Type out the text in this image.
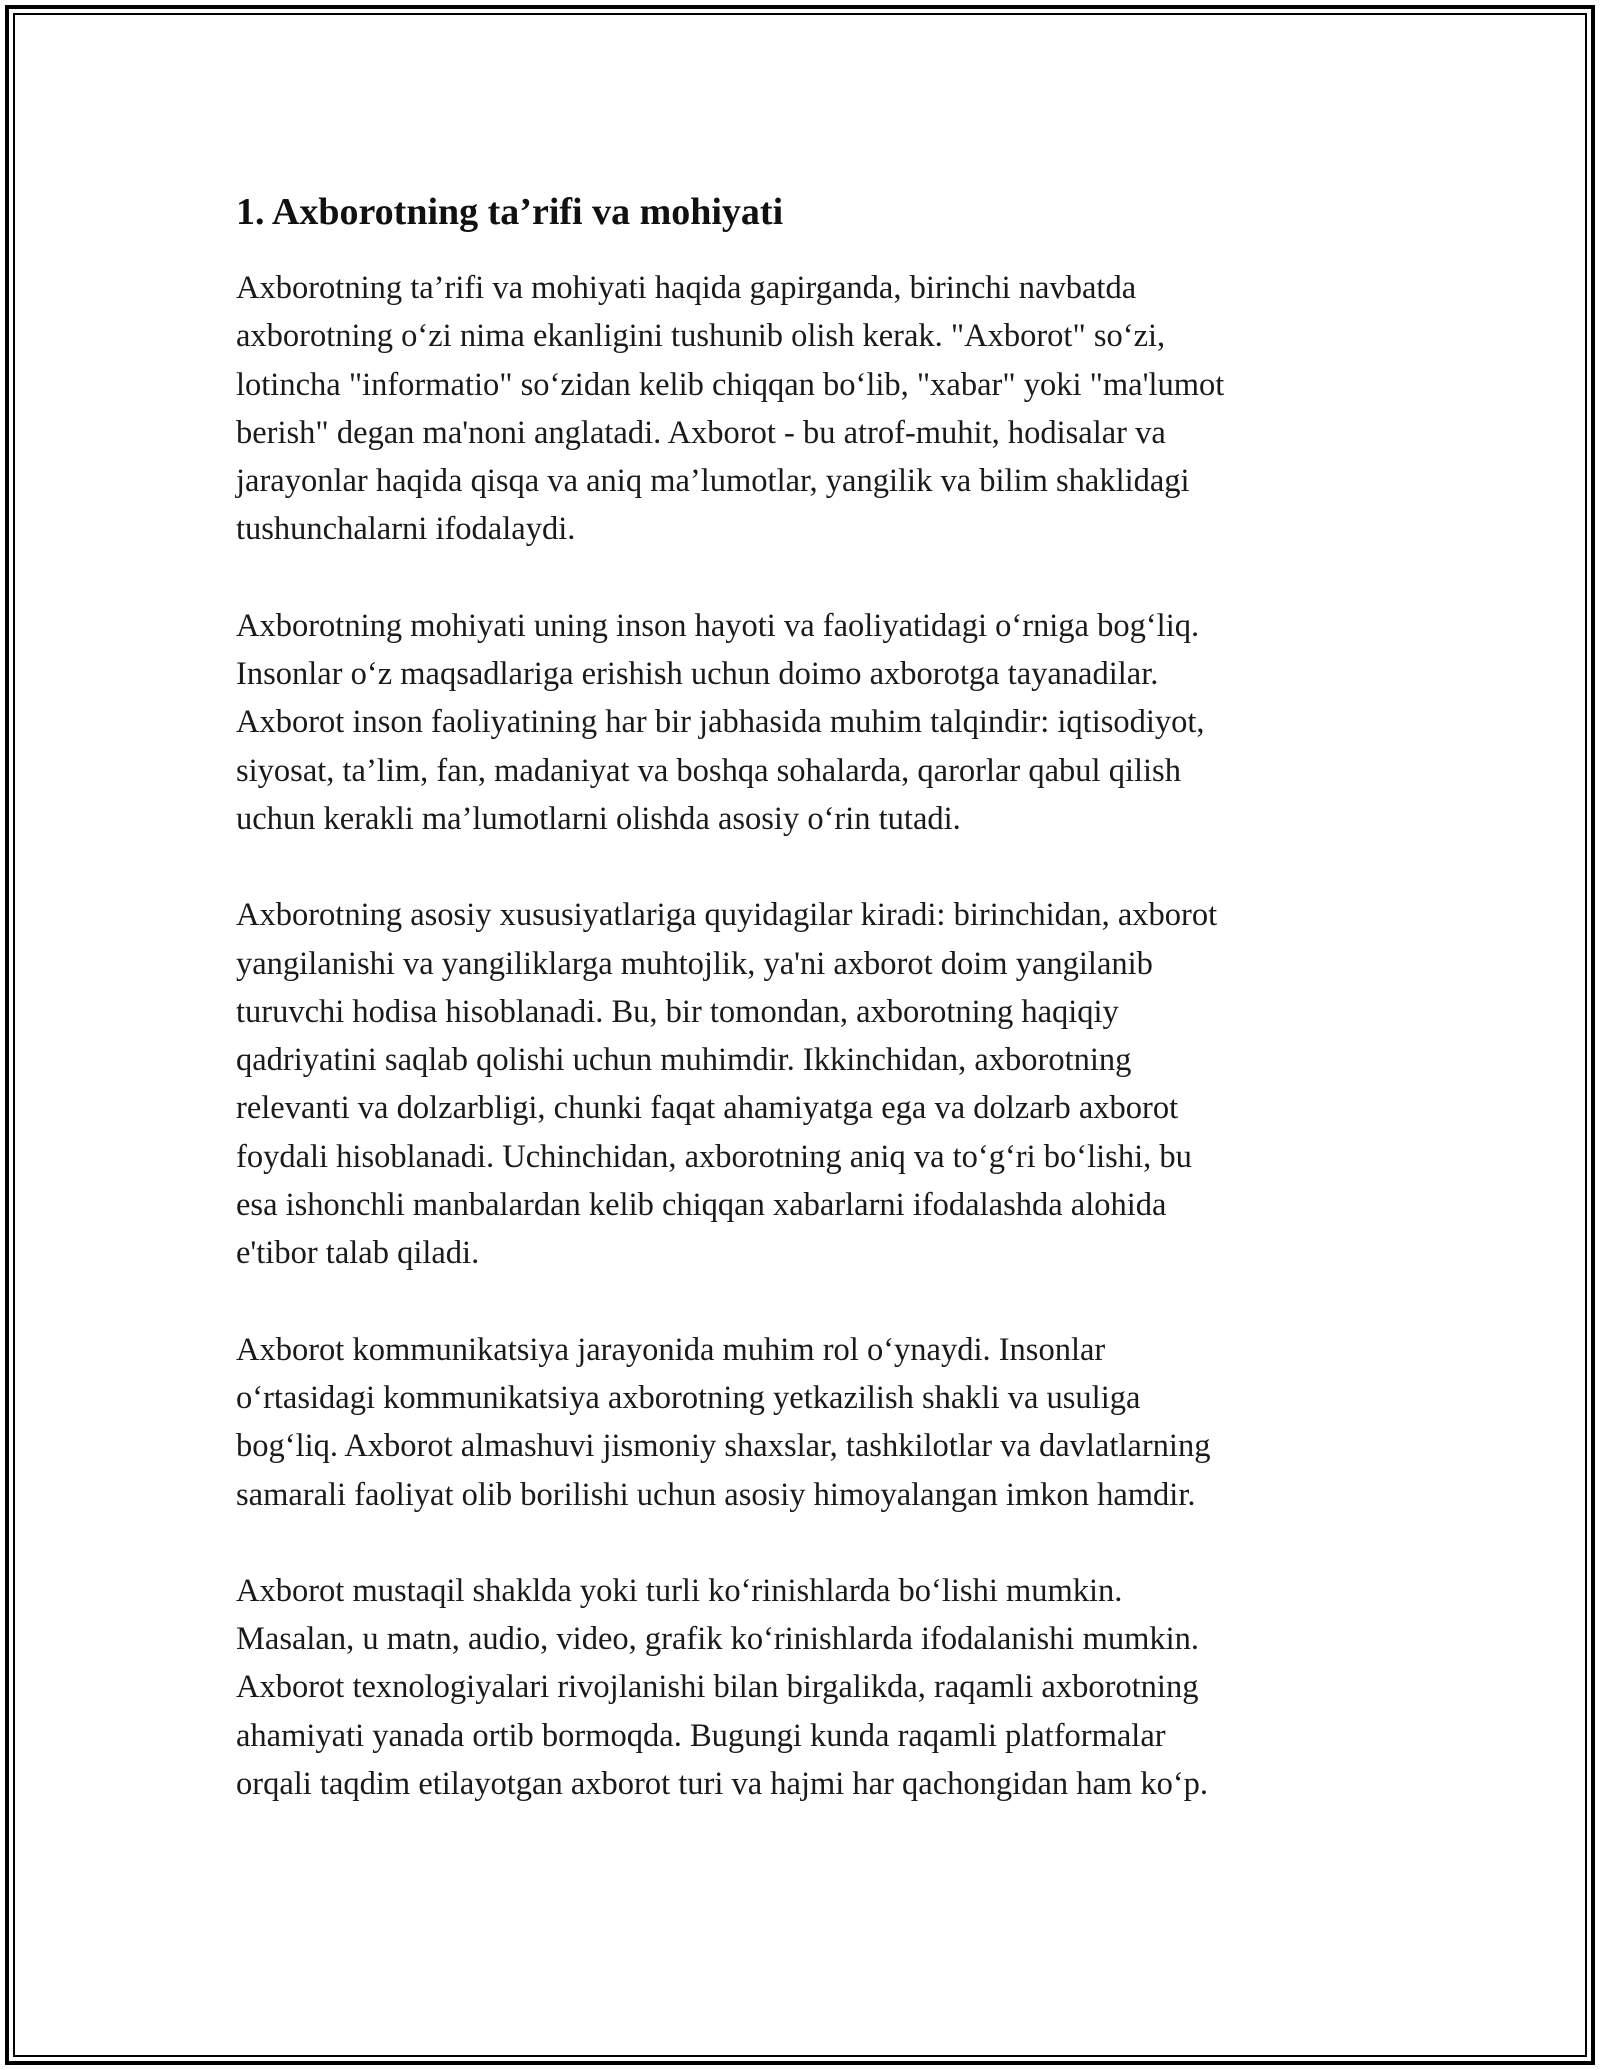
1. Axborotning ta’rifi va mohiyati

Axborotning ta’rifi va mohiyati haqida gapirganda, birinchi navbatda
axborotning o‘zi nima ekanligini tushunib olish kerak. "Axborot" so‘zi,
lotincha "informatio" so‘zidan kelib chiqqan bo‘lib, "xabar" yoki "ma'lumot
berish" degan ma'noni anglatadi. Axborot - bu atrof-muhit, hodisalar va
jarayonlar haqida qisqa va aniq ma’lumotlar, yangilik va bilim shaklidagi
tushunchalarni ifodalaydi.

Axborotning mohiyati uning inson hayoti va faoliyatidagi o‘rniga bog‘liq.
Insonlar o‘z maqsadlariga erishish uchun doimo axborotga tayanadilar.
Axborot inson faoliyatining har bir jabhasida muhim talqindir: iqtisodiyot,
siyosat, ta’lim, fan, madaniyat va boshqa sohalarda, qarorlar qabul qilish
uchun kerakli ma’lumotlarni olishda asosiy o‘rin tutadi.

Axborotning asosiy xususiyatlariga quyidagilar kiradi: birinchidan, axborot
yangilanishi va yangiliklarga muhtojlik, ya'ni axborot doim yangilanib
turuvchi hodisa hisoblanadi. Bu, bir tomondan, axborotning haqiqiy
qadriyatini saqlab qolishi uchun muhimdir. Ikkinchidan, axborotning
relevanti va dolzarbligi, chunki faqat ahamiyatga ega va dolzarb axborot
foydali hisoblanadi. Uchinchidan, axborotning aniq va to‘g‘ri bo‘lishi, bu
esa ishonchli manbalardan kelib chiqqan xabarlarni ifodalashda alohida
e'tibor talab qiladi.

Axborot kommunikatsiya jarayonida muhim rol o‘ynaydi. Insonlar
o‘rtasidagi kommunikatsiya axborotning yetkazilish shakli va usuliga
bog‘liq. Axborot almashuvi jismoniy shaxslar, tashkilotlar va davlatlarning
samarali faoliyat olib borilishi uchun asosiy himoyalangan imkon hamdir.

Axborot mustaqil shaklda yoki turli ko‘rinishlarda bo‘lishi mumkin.
Masalan, u matn, audio, video, grafik ko‘rinishlarda ifodalanishi mumkin.
Axborot texnologiyalari rivojlanishi bilan birgalikda, raqamli axborotning
ahamiyati yanada ortib bormoqda. Bugungi kunda raqamli platformalar
orqali taqdim etilayotgan axborot turi va hajmi har qachongidan ham ko‘p.
